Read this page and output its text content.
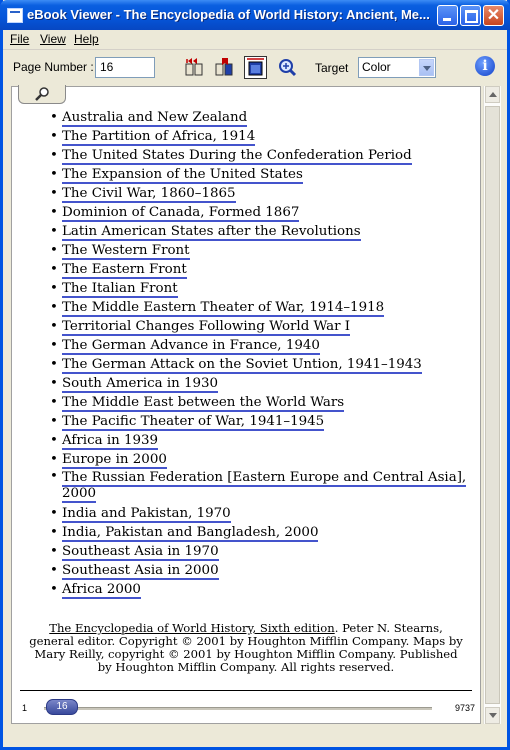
eBook Viewer - The Encyclopedia of World History: Ancient, Me...	✕
File View Help
Page Number : 16	Target	Color	i
• Australia and New Zealand
• The Partition of Africa, 1914
• The United States During the Confederation Period
• The Expansion of the United States
• The Civil War, 1860–1865
• Dominion of Canada, Formed 1867
• Latin American States after the Revolutions
• The Western Front
• The Eastern Front
• The Italian Front
• The Middle Eastern Theater of War, 1914–1918
• Territorial Changes Following World War I
• The German Advance in France, 1940
• The German Attack on the Soviet Untion, 1941–1943
• South America in 1930
• The Middle East between the World Wars
• The Pacific Theater of War, 1941–1945
• Africa in 1939
• Europe in 2000
• The Russian Federation [Eastern Europe and Central Asia], 2000
• India and Pakistan, 1970
• India, Pakistan and Bangladesh, 2000
• Southeast Asia in 1970
• Southeast Asia in 2000
• Africa 2000
The Encyclopedia of World History, Sixth edition. Peter N. Stearns, general editor. Copyright © 2001 by Houghton Mifflin Company. Maps by Mary Reilly, copyright © 2001 by Houghton Mifflin Company. Published by Houghton Mifflin Company. All rights reserved.
1	16	9737
